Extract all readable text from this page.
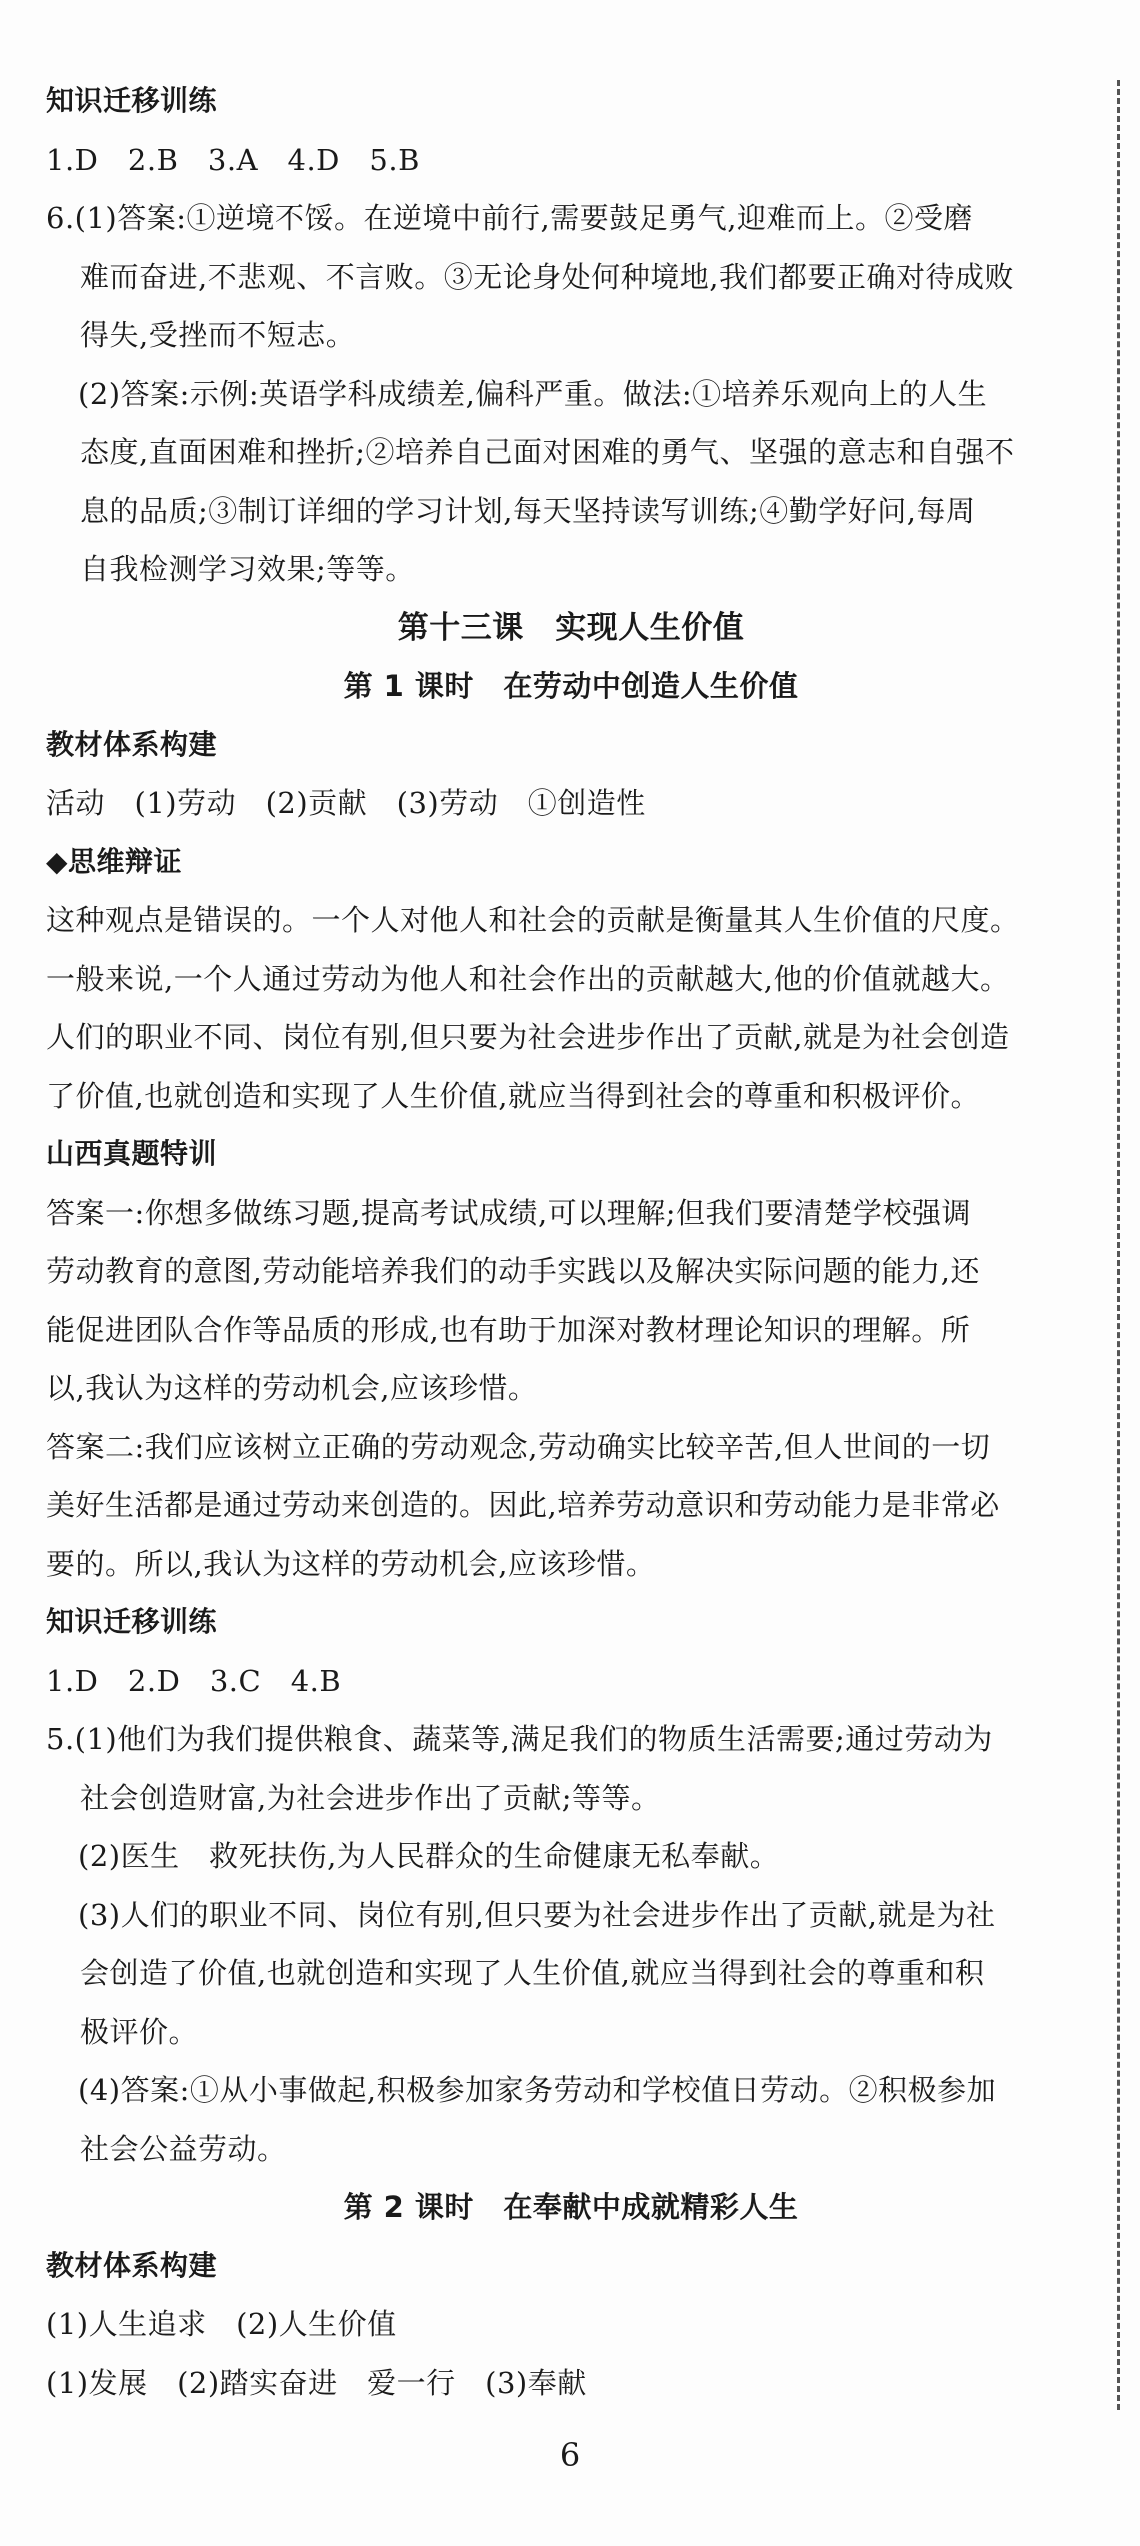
知识迁移训练
1.D　2.B　3.A　4.D　5.B
6.(1)答案:①逆境不馁。在逆境中前行,需要鼓足勇气,迎难而上。②受磨
难而奋进,不悲观、不言败。③无论身处何种境地,我们都要正确对待成败
得失,受挫而不短志。
(2)答案:示例:英语学科成绩差,偏科严重。做法:①培养乐观向上的人生
态度,直面困难和挫折;②培养自己面对困难的勇气、坚强的意志和自强不
息的品质;③制订详细的学习计划,每天坚持读写训练;④勤学好问,每周
自我检测学习效果;等等。
第十三课　实现人生价值
第 1 课时　在劳动中创造人生价值
教材体系构建
活动　(1)劳动　(2)贡献　(3)劳动　①创造性
◆思维辩证
这种观点是错误的。一个人对他人和社会的贡献是衡量其人生价值的尺度。
一般来说,一个人通过劳动为他人和社会作出的贡献越大,他的价值就越大。
人们的职业不同、岗位有别,但只要为社会进步作出了贡献,就是为社会创造
了价值,也就创造和实现了人生价值,就应当得到社会的尊重和积极评价。
山西真题特训
答案一:你想多做练习题,提高考试成绩,可以理解;但我们要清楚学校强调
劳动教育的意图,劳动能培养我们的动手实践以及解决实际问题的能力,还
能促进团队合作等品质的形成,也有助于加深对教材理论知识的理解。所
以,我认为这样的劳动机会,应该珍惜。
答案二:我们应该树立正确的劳动观念,劳动确实比较辛苦,但人世间的一切
美好生活都是通过劳动来创造的。因此,培养劳动意识和劳动能力是非常必
要的。所以,我认为这样的劳动机会,应该珍惜。
知识迁移训练
1.D　2.D　3.C　4.B
5.(1)他们为我们提供粮食、蔬菜等,满足我们的物质生活需要;通过劳动为
社会创造财富,为社会进步作出了贡献;等等。
(2)医生　救死扶伤,为人民群众的生命健康无私奉献。
(3)人们的职业不同、岗位有别,但只要为社会进步作出了贡献,就是为社
会创造了价值,也就创造和实现了人生价值,就应当得到社会的尊重和积
极评价。
(4)答案:①从小事做起,积极参加家务劳动和学校值日劳动。②积极参加
社会公益劳动。
第 2 课时　在奉献中成就精彩人生
教材体系构建
(1)人生追求　(2)人生价值
(1)发展　(2)踏实奋进　爱一行　(3)奉献
6
